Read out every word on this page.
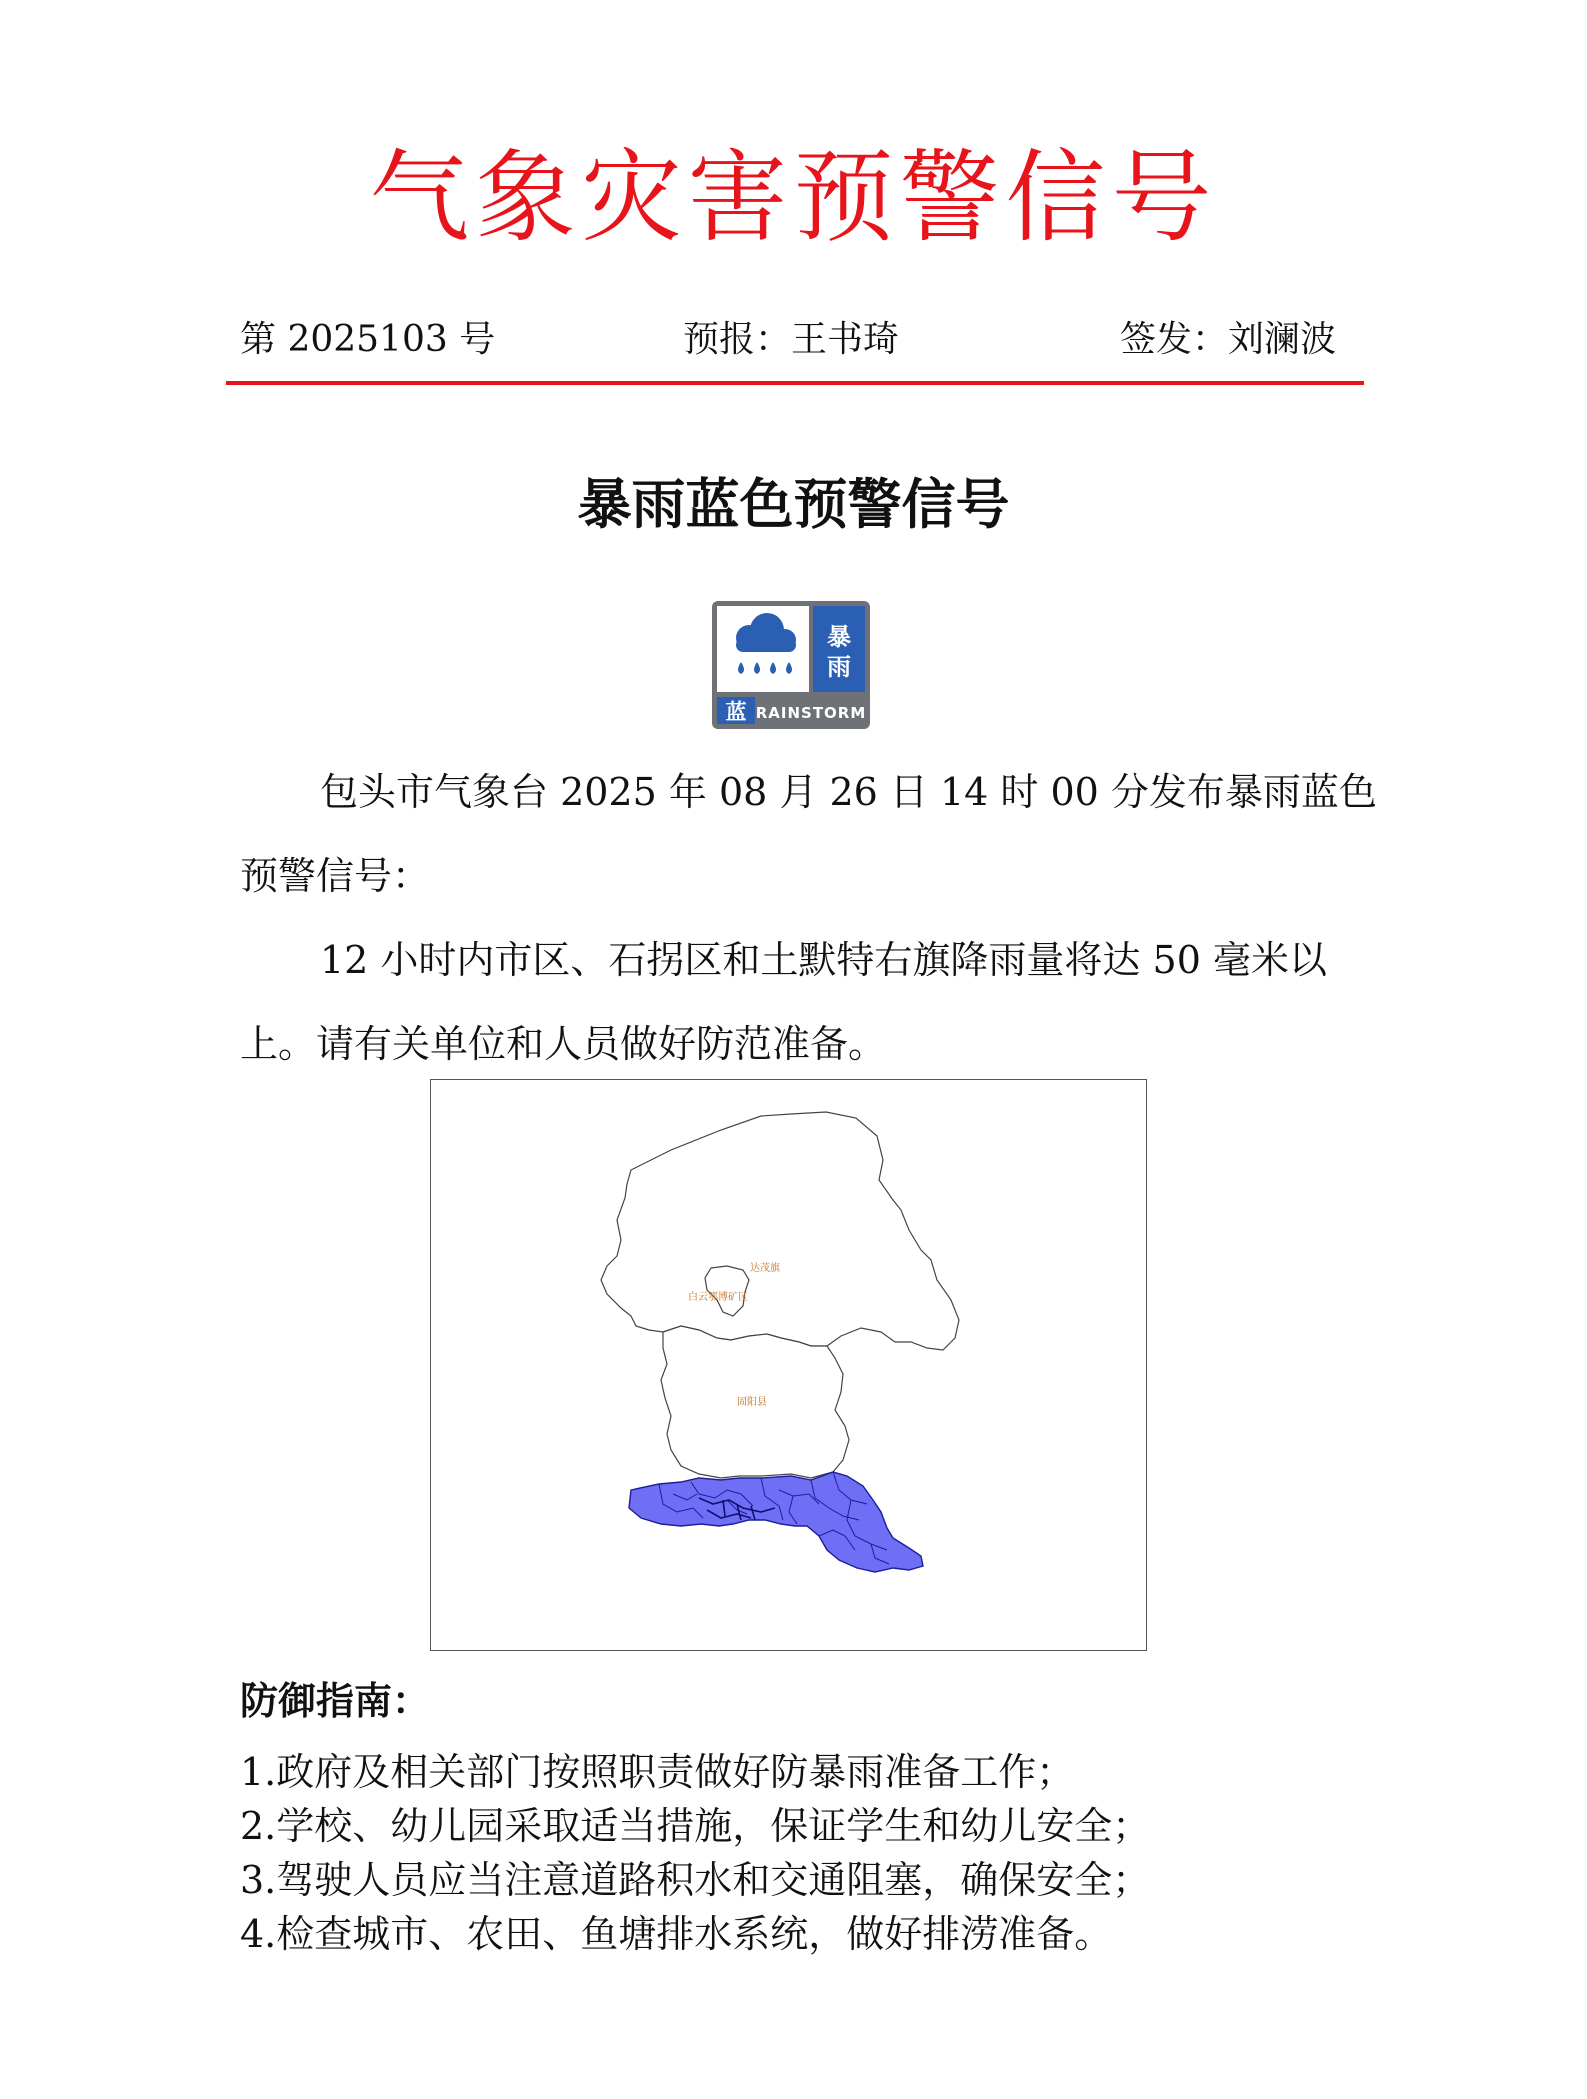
气象灾害预警信号
第 2025103 号	预报：王书琦	签发：刘澜波
暴雨蓝色预警信号
暴
雨
蓝 RAINSTORM
包头市气象台 2025 年 08 月 26 日 14 时 00 分发布暴雨蓝色
预警信号：
12 小时内市区、石拐区和土默特右旗降雨量将达 50 毫米以
上。请有关单位和人员做好防范准备。
达茂旗
白云鄂博矿区
固阳县
防御指南：
1.政府及相关部门按照职责做好防暴雨准备工作；
2.学校、幼儿园采取适当措施，保证学生和幼儿安全；
3.驾驶人员应当注意道路积水和交通阻塞，确保安全；
4.检查城市、农田、鱼塘排水系统，做好排涝准备。
